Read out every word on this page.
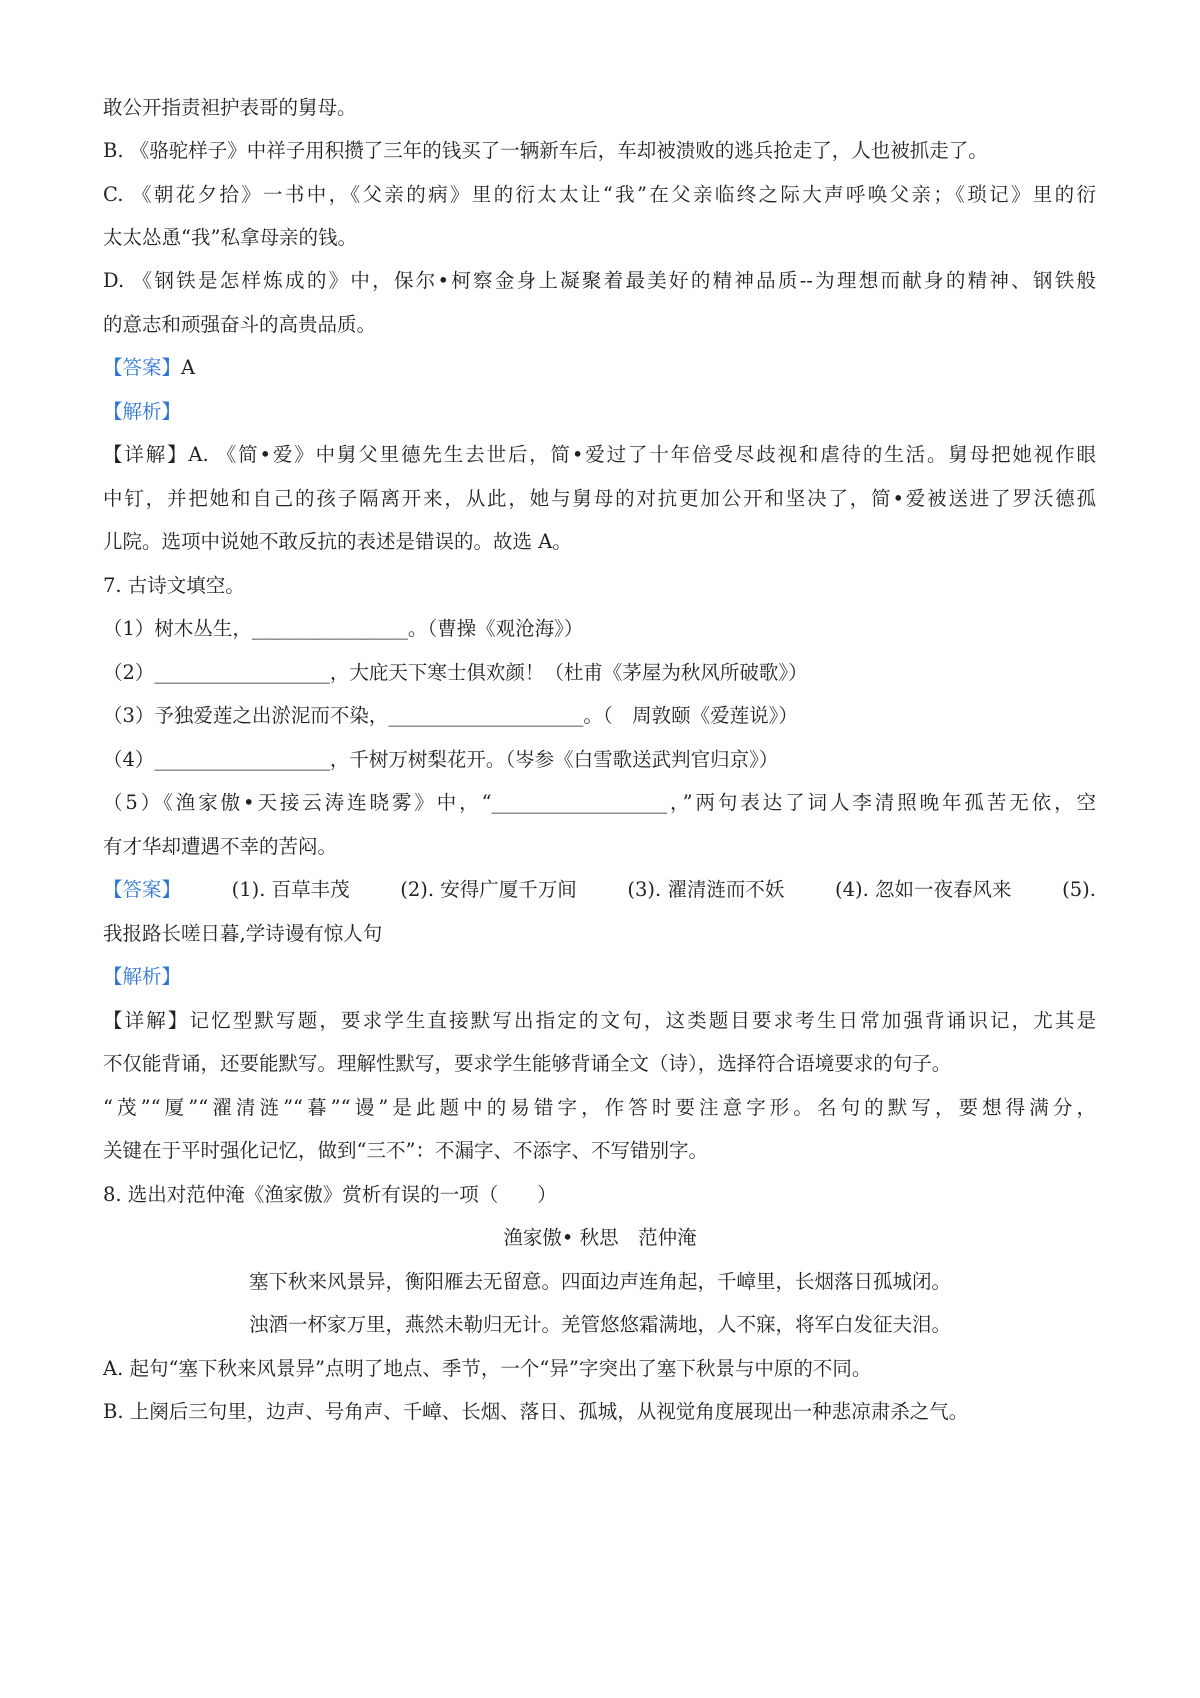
敢公开指责袒护表哥的舅母。
B. 《骆驼样子》中祥子用积攒了三年的钱买了一辆新车后，车却被溃败的逃兵抢走了，人也被抓走了。
C. 《朝花夕拾》一书中，《父亲的病》里的衍太太让“我”在父亲临终之际大声呼唤父亲；《琐记》里的衍
太太怂恿“我”私拿母亲的钱。
D. 《钢铁是怎样炼成的》中，保尔•柯察金身上凝聚着最美好的精神品质--为理想而献身的精神、钢铁般
的意志和顽强奋斗的高贵品质。
【答案】A
【解析】
【详解】A. 《简•爱》中舅父里德先生去世后，简•爱过了十年倍受尽歧视和虐待的生活。舅母把她视作眼
中钉，并把她和自己的孩子隔离开来，从此，她与舅母的对抗更加公开和坚决了，简•爱被送进了罗沃德孤
儿院。选项中说她不敢反抗的表述是错误的。故选 A。
7. 古诗文填空。
（1）树木丛生，________________。（曹操《观沧海》）
（2）__________________，大庇天下寒士俱欢颜！（杜甫《茅屋为秋风所破歌》）
（3）予独爱莲之出淤泥而不染，____________________。（　周敦颐《爱莲说》）
（4）__________________，千树万树梨花开。（岑参《白雪歌送武判官归京》）
（5）《渔家傲•天接云涛连晓雾》中，“__________________，”两句表达了词人李清照晚年孤苦无依，空
有才华却遭遇不幸的苦闷。
【答案】	(1). 百草丰茂	(2). 安得广厦千万间	(3). 濯清涟而不妖	(4). 忽如一夜春风来	(5).
我报路长嗟日暮,学诗谩有惊人句
【解析】
【详解】记忆型默写题，要求学生直接默写出指定的文句，这类题目要求考生日常加强背诵识记，尤其是
不仅能背诵，还要能默写。理解性默写，要求学生能够背诵全文（诗），选择符合语境要求的句子。
“茂”“厦”“濯清涟”“暮”“谩”是此题中的易错字，作答时要注意字形。名句的默写，要想得满分，
关键在于平时强化记忆，做到“三不”：不漏字、不添字、不写错别字。
8. 选出对范仲淹《渔家傲》赏析有误的一项（　　）
渔家傲• 秋思　范仲淹
塞下秋来风景异，衡阳雁去无留意。四面边声连角起，千嶂里，长烟落日孤城闭。
浊酒一杯家万里，燕然未勒归无计。羌管悠悠霜满地，人不寐，将军白发征夫泪。
A. 起句“塞下秋来风景异”点明了地点、季节，一个“异”字突出了塞下秋景与中原的不同。
B. 上阕后三句里，边声、号角声、千嶂、长烟、落日、孤城，从视觉角度展现出一种悲凉肃杀之气。
